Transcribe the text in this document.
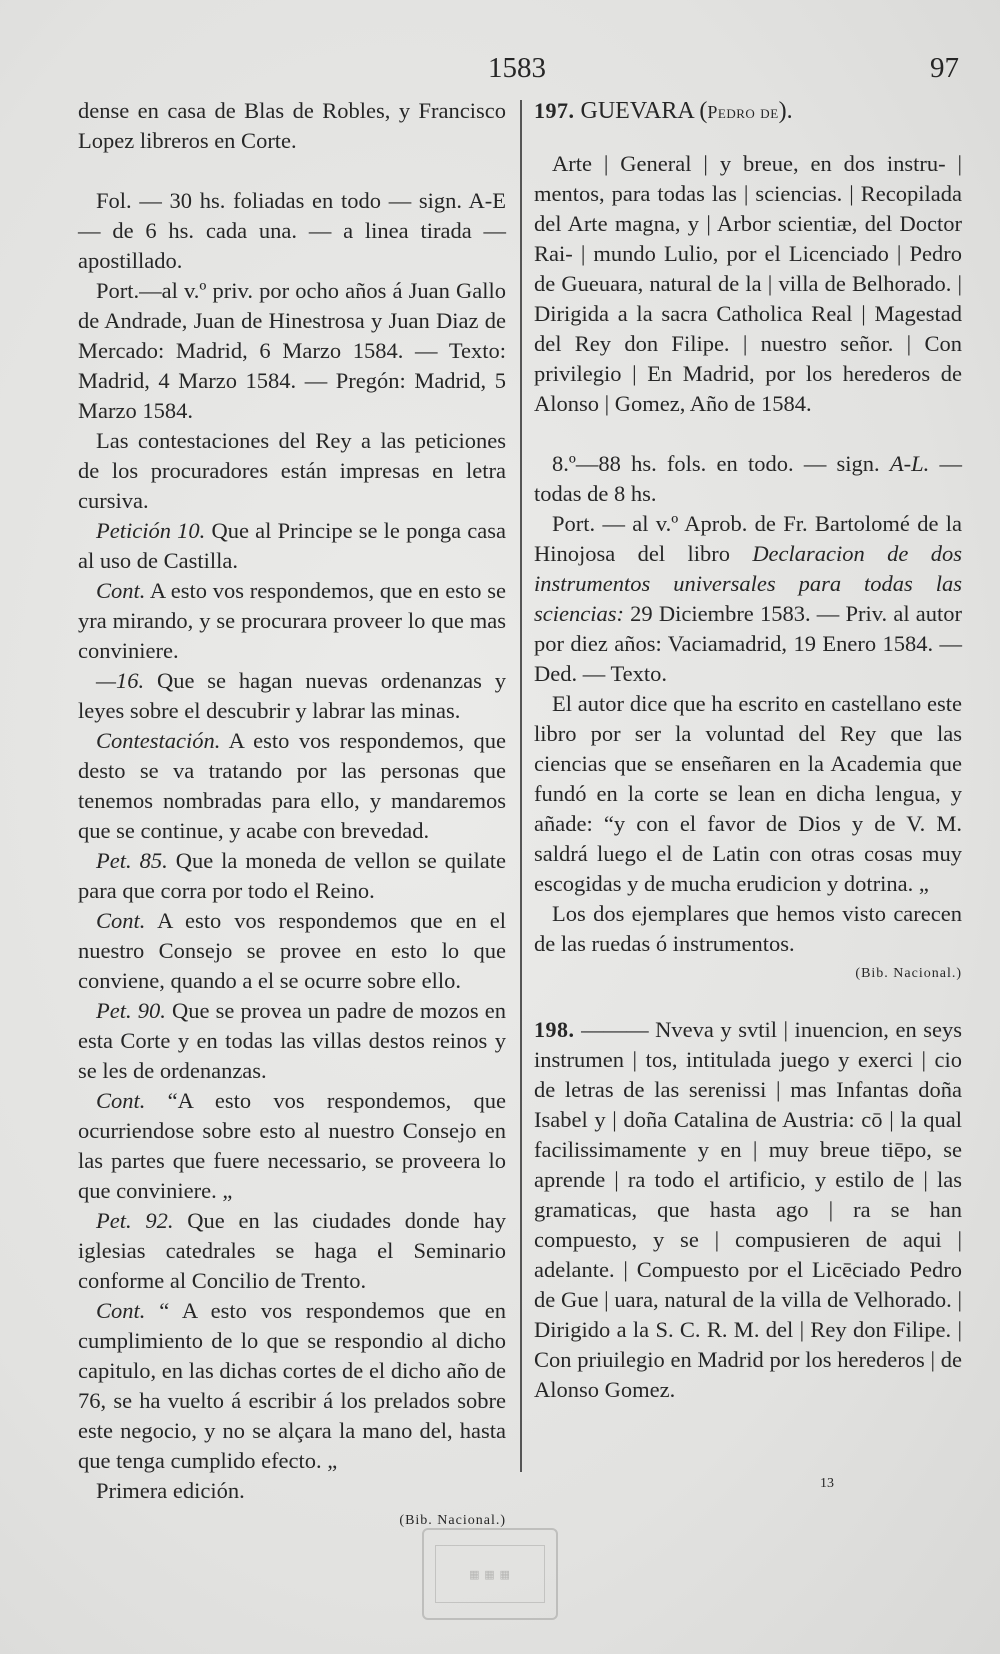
1583	97

dense en casa de Blas de Robles, y Francisco Lopez libreros en Corte.

Fol. — 30 hs. foliadas en todo — sign. A-E — de 6 hs. cada una. — a linea tirada — apostillado.

Port.—al v.º priv. por ocho años á Juan Gallo de Andrade, Juan de Hinestrosa y Juan Diaz de Mercado: Madrid, 6 Marzo 1584. — Texto: Madrid, 4 Marzo 1584. — Pregón: Madrid, 5 Marzo 1584.

Las contestaciones del Rey a las peticiones de los procuradores están impresas en letra cursiva.

Petición 10. Que al Principe se le ponga casa al uso de Castilla.

Cont. A esto vos respondemos, que en esto se yra mirando, y se procurara proveer lo que mas conviniere.

—16. Que se hagan nuevas ordenanzas y leyes sobre el descubrir y labrar las minas.

Contestación. A esto vos respondemos, que desto se va tratando por las personas que tenemos nombradas para ello, y mandaremos que se continue, y acabe con brevedad.

Pet. 85. Que la moneda de vellon se quilate para que corra por todo el Reino.

Cont. A esto vos respondemos que en el nuestro Consejo se provee en esto lo que conviene, quando a el se ocurre sobre ello.

Pet. 90. Que se provea un padre de mozos en esta Corte y en todas las villas destos reinos y se les de ordenanzas.

Cont. “A esto vos respondemos, que ocurriendose sobre esto al nuestro Consejo en las partes que fuere necessario, se proveera lo que conviniere. „

Pet. 92. Que en las ciudades donde hay iglesias catedrales se haga el Seminario conforme al Concilio de Trento.

Cont. “ A esto vos respondemos que en cumplimiento de lo que se respondio al dicho capitulo, en las dichas cortes de el dicho año de 76, se ha vuelto á escribir á los prelados sobre este negocio, y no se alçara la mano del, hasta que tenga cumplido efecto. „

Primera edición.

(Bib. Nacional.)

197. GUEVARA (Pedro de).

Arte | General | y breue, en dos instru- | mentos, para todas las | sciencias. | Recopilada del Arte magna, y | Arbor scientiæ, del Doctor Rai- | mundo Lulio, por el Licenciado | Pedro de Gueuara, natural de la | villa de Belhorado. | Dirigida a la sacra Catholica Real | Magestad del Rey don Filipe. | nuestro señor. | Con privilegio | En Madrid, por los herederos de Alonso | Gomez, Año de 1584.

8.º—88 hs. fols. en todo. — sign. A-L. — todas de 8 hs.

Port. — al v.º Aprob. de Fr. Bartolomé de la Hinojosa del libro Declaracion de dos instrumentos universales para todas las sciencias: 29 Diciembre 1583. — Priv. al autor por diez años: Vaciamadrid, 19 Enero 1584. — Ded. — Texto.

El autor dice que ha escrito en castellano este libro por ser la voluntad del Rey que las ciencias que se enseñaren en la Academia que fundó en la corte se lean en dicha lengua, y añade: “y con el favor de Dios y de V. M. saldrá luego el de Latin con otras cosas muy escogidas y de mucha erudicion y dotrina. „

Los dos ejemplares que hemos visto carecen de las ruedas ó instrumentos.

(Bib. Nacional.)

198. ——— Nveva y svtil | inuencion, en seys instrumen | tos, intitulada juego y exerci | cio de letras de las serenissi | mas Infantas doña Isabel y | doña Catalina de Austria: cō | la qual facilissimamente y en | muy breue tiēpo, se aprende | ra todo el artificio, y estilo de | las gramaticas, que hasta ago | ra se han compuesto, y se | compusieren de aqui | adelante. | Compuesto por el Licēciado Pedro de Gue | uara, natural de la villa de Velhorado. | Dirigido a la S. C. R. M. del | Rey don Filipe. | Con priuilegio en Madrid por los herederos | de Alonso Gomez.

13
▦ ▦ ▦
